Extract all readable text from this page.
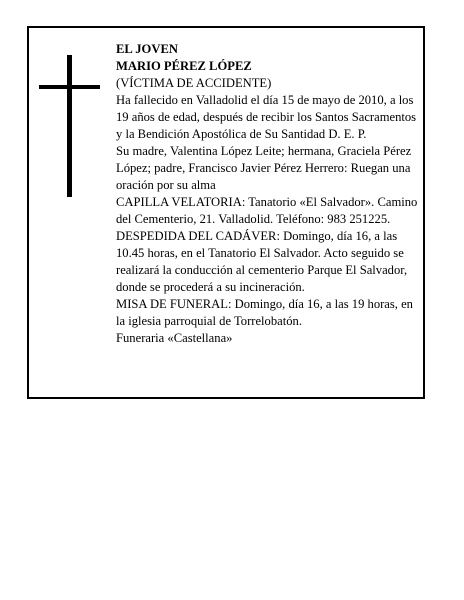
EL JOVEN

MARIO PÉREZ LÓPEZ

(VÍCTIMA DE ACCIDENTE)

Ha fallecido en Valladolid el día 15 de mayo de 2010, a los 19 años de edad, después de recibir los Santos Sacramentos y la Bendición Apostólica de Su Santidad D. E. P.

Su madre, Valentina López Leite; hermana, Graciela Pérez López; padre, Francisco Javier Pérez Herrero: Ruegan una oración por su alma

CAPILLA VELATORIA: Tanatorio «El Salvador». Camino del Cementerio, 21. Valladolid. Teléfono: 983 251225.

DESPEDIDA DEL CADÁVER: Domingo, día 16, a las 10.45 horas, en el Tanatorio El Salvador. Acto seguido se realizará la conducción al cementerio Parque El Salvador, donde se procederá a su incineración.

MISA DE FUNERAL: Domingo, día 16, a las 19 horas, en la iglesia parroquial de Torrelobatón.

Funeraria «Castellana»
